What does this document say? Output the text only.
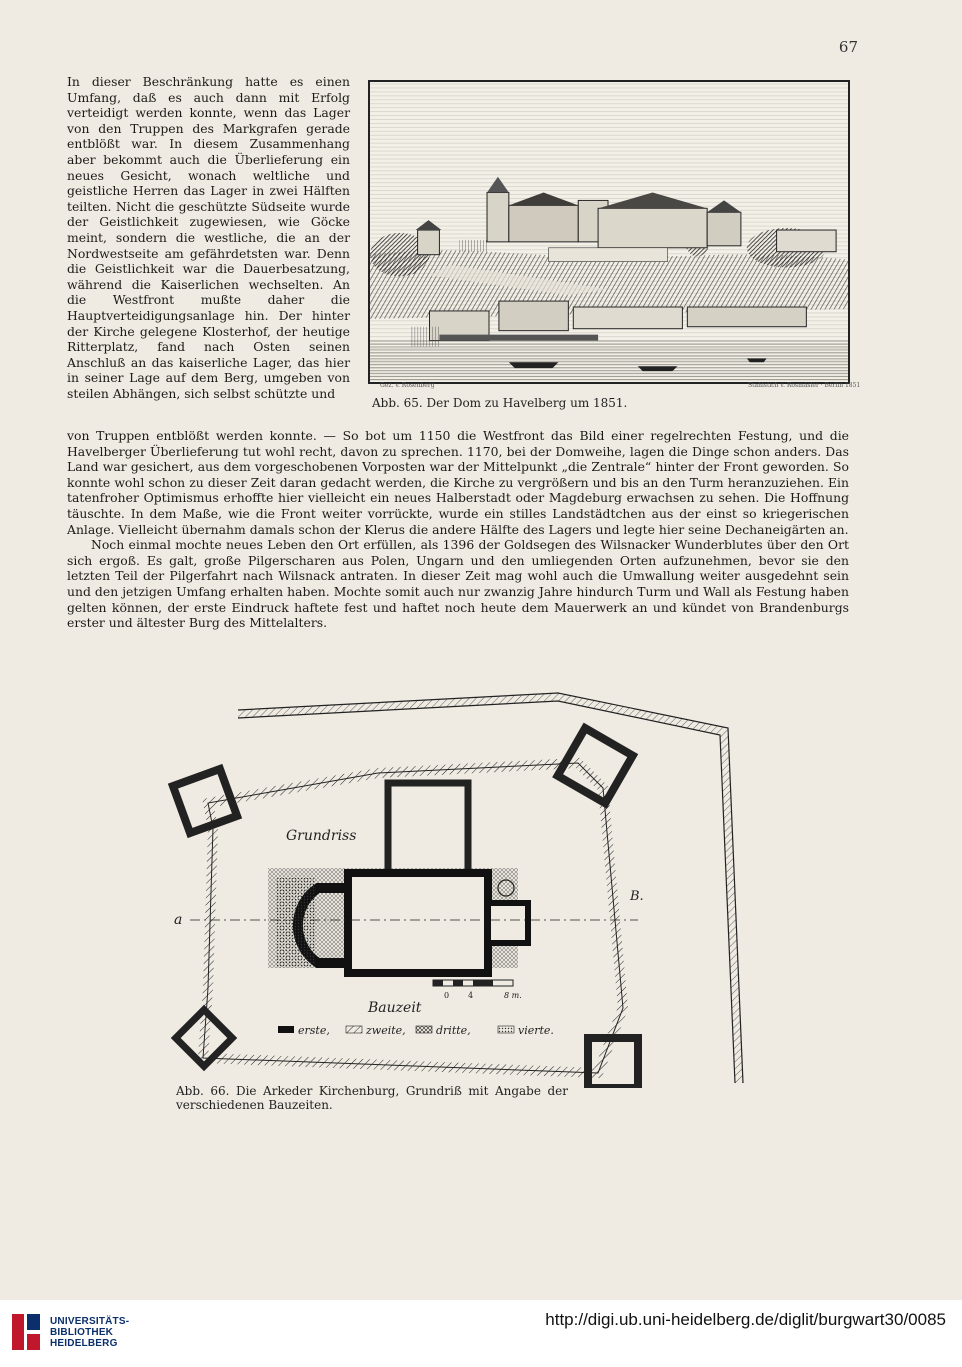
67
In dieser Beschränkung hatte es einen Umfang, daß es auch dann mit Erfolg verteidigt werden konnte, wenn das Lager von den Truppen des Markgrafen gerade entblößt war. In diesem Zusammenhang aber bekommt auch die Überlieferung ein neues Gesicht, wonach weltliche und geistliche Herren das Lager in zwei Hälften teilten. Nicht die geschützte Südseite wurde der Geistlichkeit zugewiesen, wie Göcke meint, sondern die westliche, die an der Nordwestseite am gefährdetsten war. Denn die Geistlichkeit war die Dauerbesatzung, während die Kaiserlichen wechselten. An die Westfront mußte daher die Hauptverteidigungsanlage hin. Der hinter der Kirche gelegene Klosterhof, der heutige Ritterplatz, fand nach Osten seinen Anschluß an das kaiserliche Lager, das hier in seiner Lage auf dem Berg, umgeben von steilen Abhängen, sich selbst schützte und
Gez. v. Rosenberg	Stahlstich v. Rosmäsler · Berlin 1851
Abb. 65. Der Dom zu Havelberg um 1851.

von Truppen entblößt werden konnte. — So bot um 1150 die Westfront das Bild einer regelrechten Festung, und die Havelberger Überlieferung tut wohl recht, davon zu sprechen. 1170, bei der Domweihe, lagen die Dinge schon anders. Das Land war gesichert, aus dem vorgeschobenen Vorposten war der Mittelpunkt „die Zentrale“ hinter der Front geworden. So konnte wohl schon zu dieser Zeit daran gedacht werden, die Kirche zu vergrößern und bis an den Turm heranzuziehen. Ein tatenfroher Optimismus erhoffte hier vielleicht ein neues Halberstadt oder Magdeburg erwachsen zu sehen. Die Hoffnung täuschte. In dem Maße, wie die Front weiter vorrückte, wurde ein stilles Landstädtchen aus der einst so kriegerischen Anlage. Vielleicht übernahm damals schon der Klerus die andere Hälfte des Lagers und legte hier seine Dechaneigärten an.

Noch einmal mochte neues Leben den Ort erfüllen, als 1396 der Goldsegen des Wilsnacker Wunderblutes über den Ort sich ergoß. Es galt, große Pilgerscharen aus Polen, Ungarn und den umliegenden Orten aufzunehmen, bevor sie den letzten Teil der Pilgerfahrt nach Wilsnack antraten. In dieser Zeit mag wohl auch die Umwallung weiter ausgedehnt sein und den jetzigen Umfang erhalten haben. Mochte somit auch nur zwanzig Jahre hindurch Turm und Wall als Festung haben gelten können, der erste Eindruck haftete fest und haftet noch heute dem Mauerwerk an und kündet von Brandenburgs erster und ältester Burg des Mittelalters.

Grundriss
a
B.
0 4	8 m.
Bauzeit
erste,	zweite,	dritte,	vierte.
Abb. 66. Die Arkeder Kirchenburg, Grundriß mit Angabe der verschiedenen Bauzeiten.
UNIVERSITÄTS-
BIBLIOTHEK
HEIDELBERG
http://digi.ub.uni-heidelberg.de/diglit/burgwart30/0085
